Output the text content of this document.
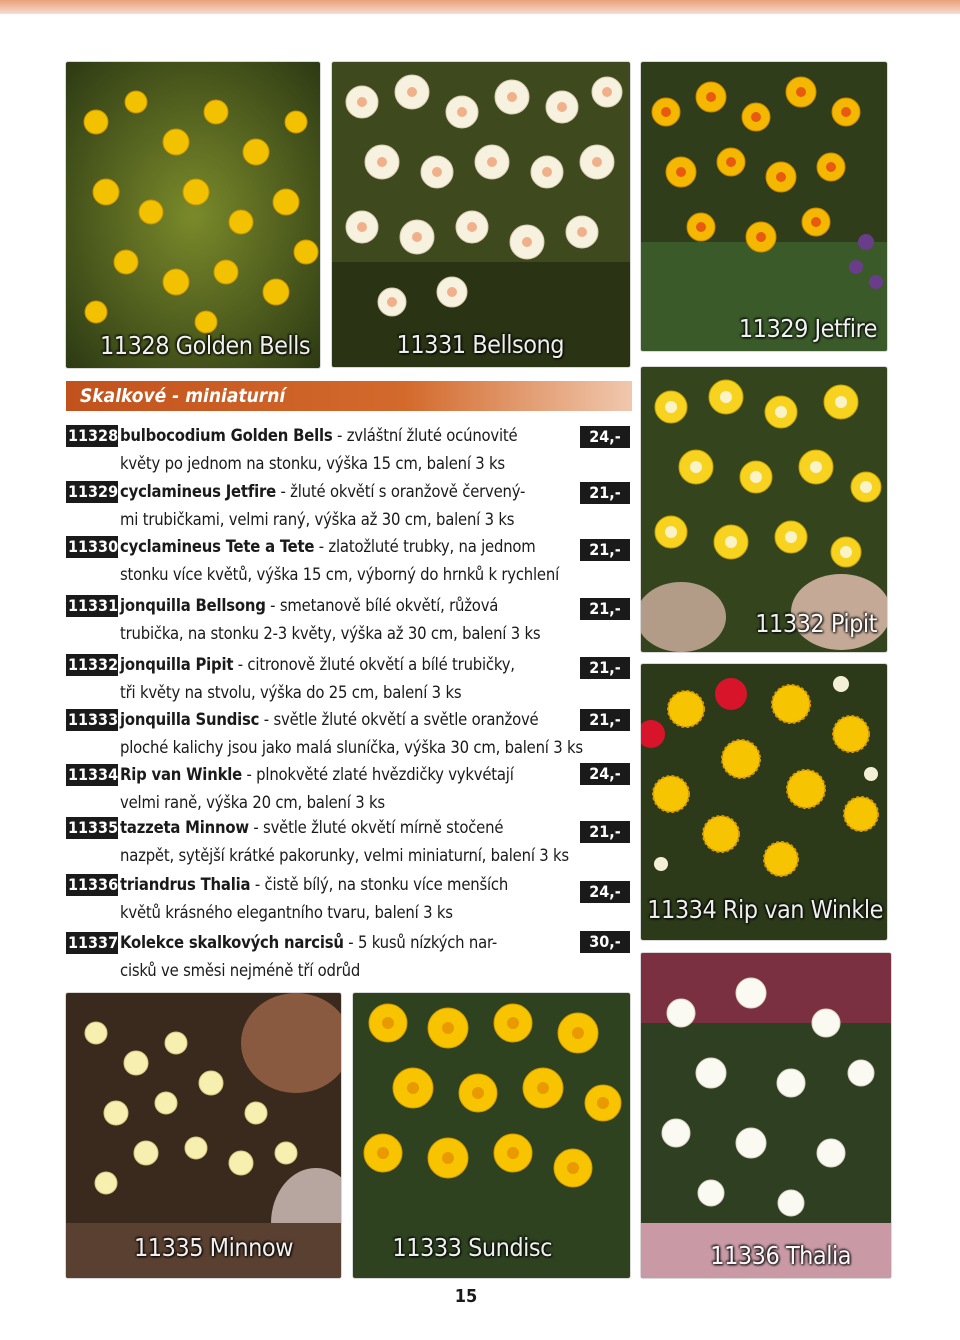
11328 Golden Bells	11331 Bellsong
11329 Jetfire
11332 Pipit
11334 Rip van Winkle
11335 Minnow	11333 Sundisc	11336 Thalia
Skalkové - miniaturní
11328 bulbocodium Golden Bells - zvláštní žluté ocúnovité
květy po jednom na stonku, výška 15 cm, balení 3 ks
24,-
11329 cyclamineus Jetfire - žluté okvětí s oranžově červený-
mi trubičkami, velmi raný, výška až 30 cm, balení 3 ks
21,-
11330 cyclamineus Tete a Tete - zlatožluté trubky, na jednom
stonku více květů, výška 15 cm, výborný do hrnků k rychlení
21,-
11331 jonquilla Bellsong - smetanově bílé okvětí, růžová
trubička, na stonku 2-3 květy, výška až 30 cm, balení 3 ks
21,-
11332 jonquilla Pipit - citronově žluté okvětí a bílé trubičky,
tři květy na stvolu, výška do 25 cm, balení 3 ks
21,-
11333 jonquilla Sundisc - světle žluté okvětí a světle oranžové
ploché kalichy jsou jako malá sluníčka, výška 30 cm, balení 3 ks
21,-
11334 Rip van Winkle - plnokvěté zlaté hvězdičky vykvétají
velmi raně, výška 20 cm, balení 3 ks
24,-
11335 tazzeta Minnow - světle žluté okvětí mírně stočené
nazpět, sytější krátké pakorunky, velmi miniaturní, balení 3 ks
21,-
11336 triandrus Thalia - čistě bílý, na stonku více menších
květů krásného elegantního tvaru, balení 3 ks
24,-
11337 Kolekce skalkových narcisů - 5 kusů nízkých nar-
cisků ve směsi nejméně tří odrůd
30,-
15
